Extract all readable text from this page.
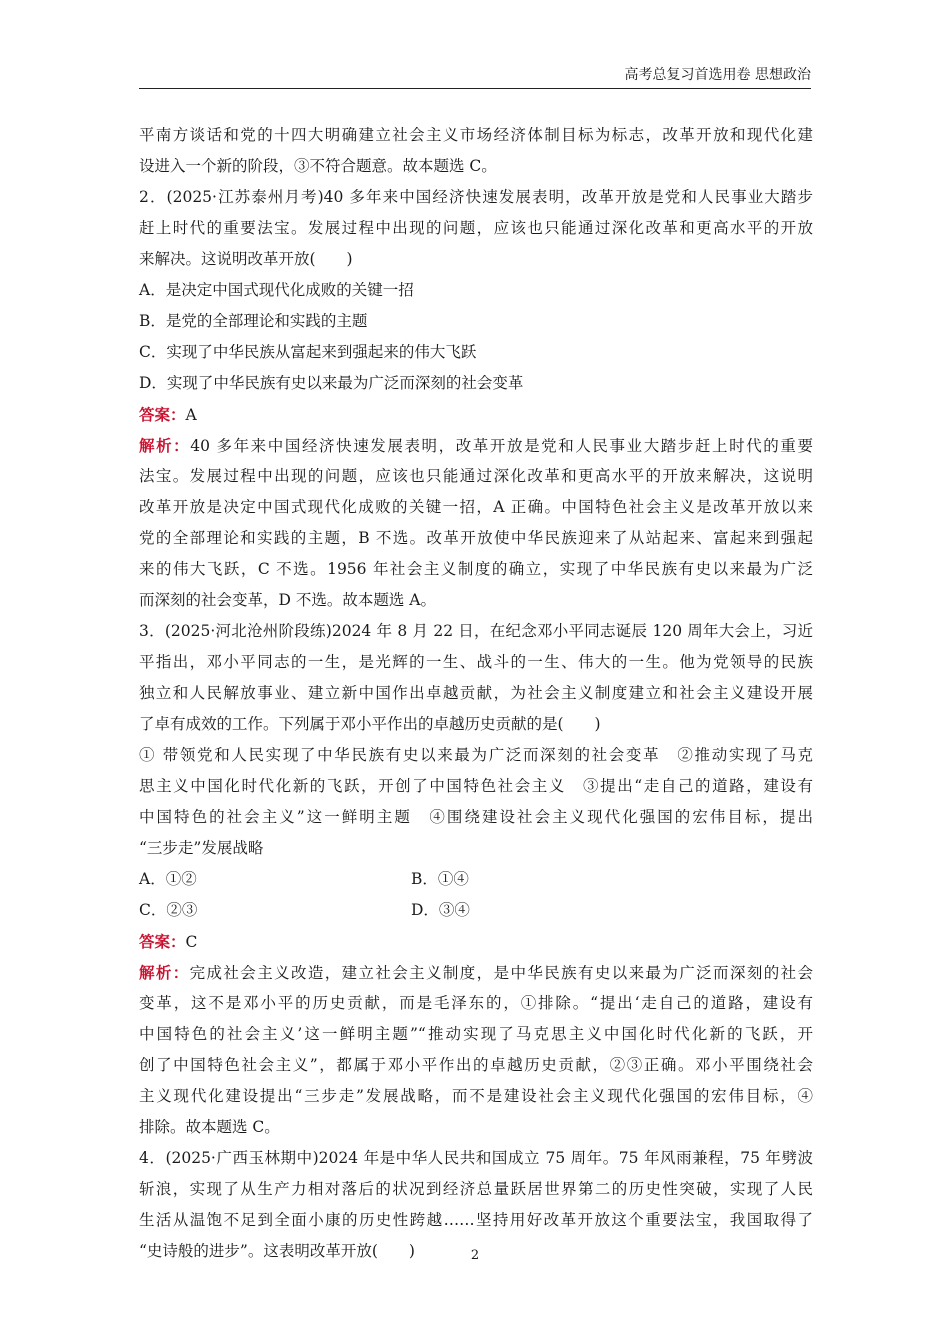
高考总复习首选用卷 思想政治
平南方谈话和党的十四大明确建立社会主义市场经济体制目标为标志，改革开放和现代化建
设进入一个新的阶段，③不符合题意。故本题选 C。
2．(2025·江苏泰州月考)40 多年来中国经济快速发展表明，改革开放是党和人民事业大踏步
赶上时代的重要法宝。发展过程中出现的问题，应该也只能通过深化改革和更高水平的开放
来解决。这说明改革开放(　　)
A．是决定中国式现代化成败的关键一招
B．是党的全部理论和实践的主题
C．实现了中华民族从富起来到强起来的伟大飞跃
D．实现了中华民族有史以来最为广泛而深刻的社会变革
答案：A
解析：40 多年来中国经济快速发展表明，改革开放是党和人民事业大踏步赶上时代的重要
法宝。发展过程中出现的问题，应该也只能通过深化改革和更高水平的开放来解决，这说明
改革开放是决定中国式现代化成败的关键一招，A 正确。中国特色社会主义是改革开放以来
党的全部理论和实践的主题，B 不选。改革开放使中华民族迎来了从站起来、富起来到强起
来的伟大飞跃，C 不选。1956 年社会主义制度的确立，实现了中华民族有史以来最为广泛
而深刻的社会变革，D 不选。故本题选 A。
3．(2025·河北沧州阶段练)2024 年 8 月 22 日，在纪念邓小平同志诞辰 120 周年大会上，习近
平指出，邓小平同志的一生，是光辉的一生、战斗的一生、伟大的一生。他为党领导的民族
独立和人民解放事业、建立新中国作出卓越贡献，为社会主义制度建立和社会主义建设开展
了卓有成效的工作。下列属于邓小平作出的卓越历史贡献的是(　　)
① 带领党和人民实现了中华民族有史以来最为广泛而深刻的社会变革　②推动实现了马克
思主义中国化时代化新的飞跃，开创了中国特色社会主义　③提出“走自己的道路，建设有
中国特色的社会主义”这一鲜明主题　④围绕建设社会主义现代化强国的宏伟目标，提出
“三步走”发展战略
A．①②	B．①④
C．②③	D．③④
答案：C
解析：完成社会主义改造，建立社会主义制度，是中华民族有史以来最为广泛而深刻的社会
变革，这不是邓小平的历史贡献，而是毛泽东的，①排除。“提出‘走自己的道路，建设有
中国特色的社会主义’这一鲜明主题”“推动实现了马克思主义中国化时代化新的飞跃，开
创了中国特色社会主义”，都属于邓小平作出的卓越历史贡献，②③正确。邓小平围绕社会
主义现代化建设提出“三步走”发展战略，而不是建设社会主义现代化强国的宏伟目标，④
排除。故本题选 C。
4．(2025·广西玉林期中)2024 年是中华人民共和国成立 75 周年。75 年风雨兼程，75 年劈波
斩浪，实现了从生产力相对落后的状况到经济总量跃居世界第二的历史性突破，实现了人民
生活从温饱不足到全面小康的历史性跨越……坚持用好改革开放这个重要法宝，我国取得了
“史诗般的进步”。这表明改革开放(　　)	2
